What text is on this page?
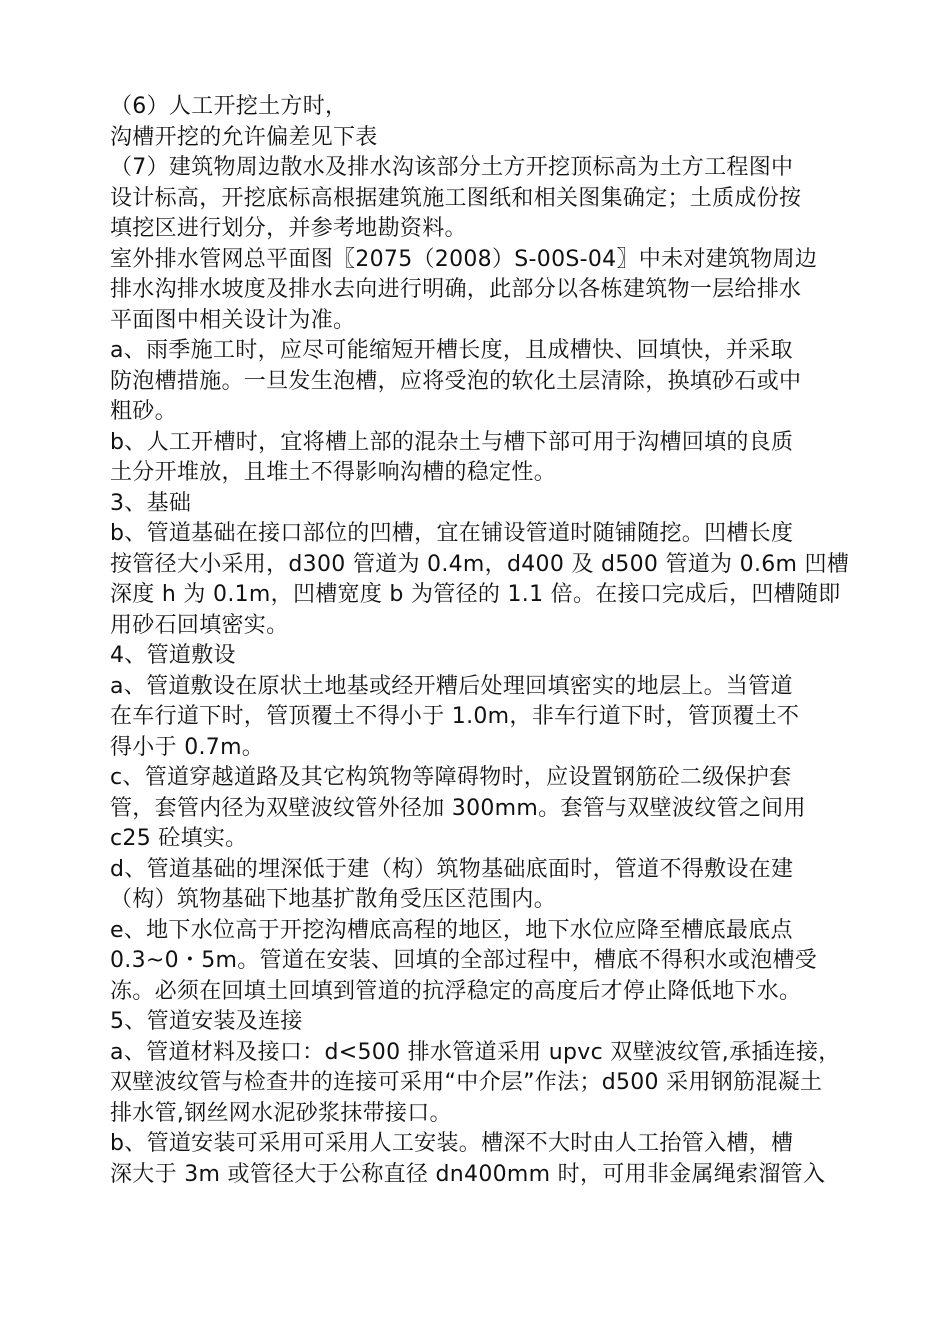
（6）人工开挖土方时，
沟槽开挖的允许偏差见下表
（7）建筑物周边散水及排水沟该部分土方开挖顶标高为土方工程图中
设计标高，开挖底标高根据建筑施工图纸和相关图集确定；土质成份按
填挖区进行划分，并参考地勘资料。
室外排水管网总平面图〖2075（2008）S-00S-04〗中未对建筑物周边
排水沟排水坡度及排水去向进行明确，此部分以各栋建筑物一层给排水
平面图中相关设计为准。
a、雨季施工时，应尽可能缩短开槽长度，且成槽快、回填快，并采取
防泡槽措施。一旦发生泡槽，应将受泡的软化土层清除，换填砂石或中
粗砂。
b、人工开槽时，宜将槽上部的混杂土与槽下部可用于沟槽回填的良质
土分开堆放，且堆土不得影响沟槽的稳定性。
3、基础
b、管道基础在接口部位的凹槽，宜在铺设管道时随铺随挖。凹槽长度
按管径大小采用，d300 管道为 0.4m，d400 及 d500 管道为 0.6m 凹槽
深度 h 为 0.1m，凹槽宽度 b 为管径的 1.1 倍。在接口完成后，凹槽随即
用砂石回填密实。
4、管道敷设
a、管道敷设在原状土地基或经开糟后处理回填密实的地层上。当管道
在车行道下时，管顶覆土不得小于 1.0m，非车行道下时，管顶覆土不
得小于 0.7m。
c、管道穿越道路及其它构筑物等障碍物时，应设置钢筋砼二级保护套
管，套管内径为双壁波纹管外径加 300mm。套管与双壁波纹管之间用
c25 砼填实。
d、管道基础的埋深低于建（构）筑物基础底面时，管道不得敷设在建
（构）筑物基础下地基扩散角受压区范围内。
e、地下水位高于开挖沟槽底高程的地区，地下水位应降至槽底最底点
0.3~0・5m。管道在安装、回填的全部过程中，槽底不得积水或泡槽受
冻。必须在回填土回填到管道的抗浮稳定的高度后才停止降低地下水。
5、管道安装及连接
a、管道材料及接口：d<500 排水管道采用 upvc 双壁波纹管,承插连接，
双壁波纹管与检查井的连接可采用“中介层”作法；d500 采用钢筋混凝土
排水管,钢丝网水泥砂浆抹带接口。
b、管道安装可采用可采用人工安装。槽深不大时由人工抬管入槽，槽
深大于 3m 或管径大于公称直径 dn400mm 时，可用非金属绳索溜管入
